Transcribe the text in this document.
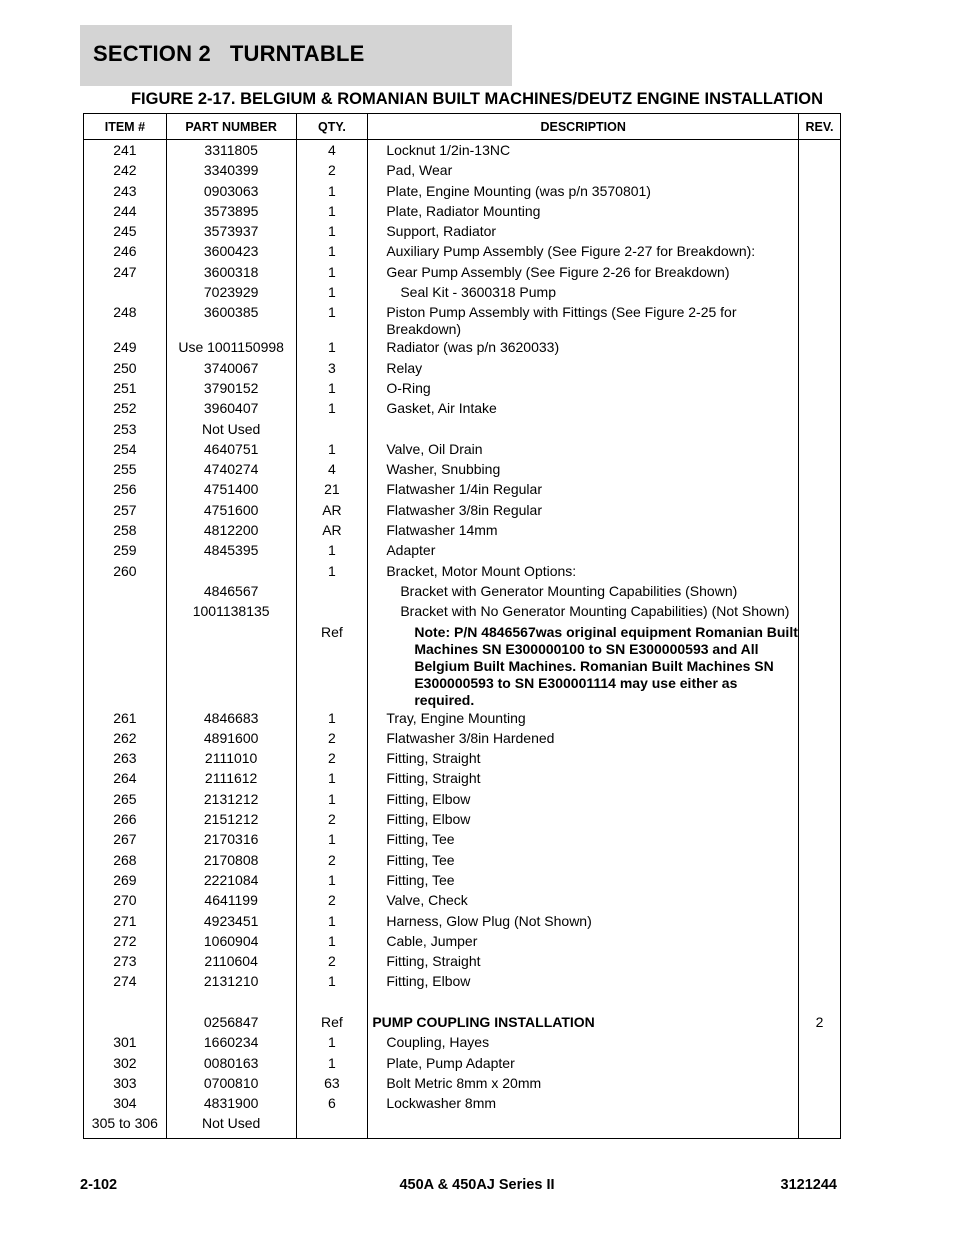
SECTION 2   TURNTABLE
FIGURE 2-17. BELGIUM & ROMANIAN BUILT MACHINES/DEUTZ ENGINE INSTALLATION
ITEM #	PART NUMBER	QTY.	DESCRIPTION	REV.
241	3311805	4	Locknut 1/2in-13NC	

242	3340399	2	Pad, Wear	

243	0903063	1	Plate, Engine Mounting (was p/n 3570801)	

244	3573895	1	Plate, Radiator Mounting	

245	3573937	1	Support, Radiator	

246	3600423	1	Auxiliary Pump Assembly (See Figure 2-27 for Breakdown):	

247	3600318	1	Gear Pump Assembly (See Figure 2-26 for Breakdown)	

	7023929	1	Seal Kit - 3600318 Pump	

248	3600385	1	Piston Pump Assembly with Fittings (See Figure 2-25 for Breakdown)	

249	Use 1001150998	1	Radiator (was p/n 3620033)	

250	3740067	3	Relay	

251	3790152	1	O-Ring	

252	3960407	1	Gasket, Air Intake	

253	Not Used		

254	4640751	1	Valve, Oil Drain	

255	4740274	4	Washer, Snubbing	

256	4751400	21	Flatwasher 1/4in Regular	

257	4751600	AR	Flatwasher 3/8in Regular	

258	4812200	AR	Flatwasher 14mm	

259	4845395	1	Adapter	

260		1	Bracket, Motor Mount Options:	

	4846567		Bracket with Generator Mounting Capabilities (Shown)	

	1001138135		Bracket with No Generator Mounting Capabilities) (Not Shown)	

		Ref	Note: P/N 4846567was original equipment Romanian Built Machines SN E300000100 to SN E300000593 and All Belgium Built Machines. Romanian Built Machines SN E300000593 to SN E300001114 may use either as required.	

261	4846683	1	Tray, Engine Mounting	

262	4891600	2	Flatwasher 3/8in Hardened	

263	2111010	2	Fitting, Straight	

264	2111612	1	Fitting, Straight	

265	2131212	1	Fitting, Elbow	

266	2151212	2	Fitting, Elbow	

267	2170316	1	Fitting, Tee	

268	2170808	2	Fitting, Tee	

269	2221084	1	Fitting, Tee	

270	4641199	2	Valve, Check	

271	4923451	1	Harness, Glow Plug (Not Shown)	

272	1060904	1	Cable, Jumper	

273	2110604	2	Fitting, Straight	

274	2131210	1	Fitting, Elbow	

	0256847	Ref	PUMP COUPLING INSTALLATION	2
301	1660234	1	Coupling, Hayes	

302	0080163	1	Plate, Pump Adapter	

303	0700810	63	Bolt Metric 8mm x 20mm	

304	4831900	6	Lockwasher 8mm	

305 to 306	Not Used		

2-102	450A & 450AJ Series II	3121244
